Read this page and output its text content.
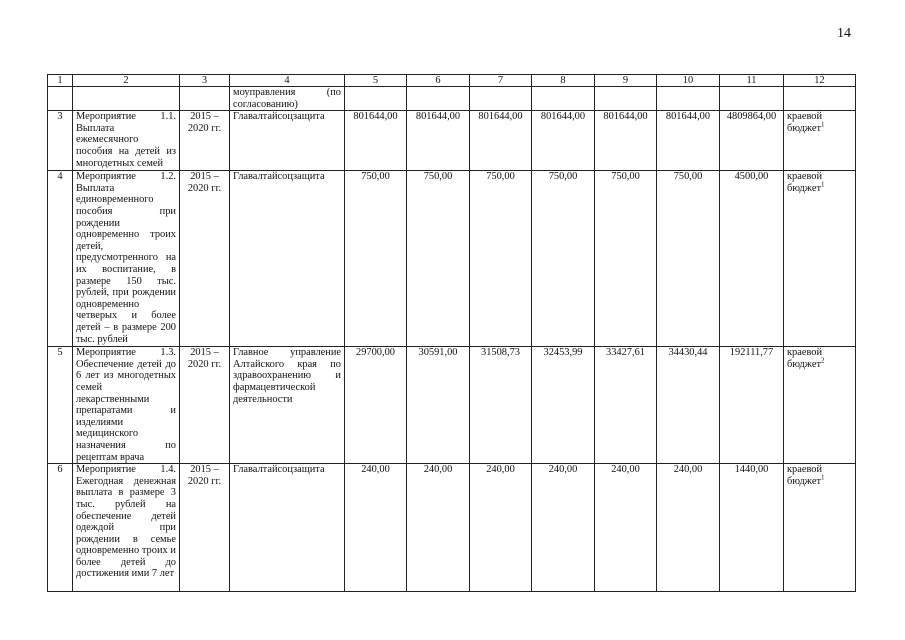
14
1	2	3	4	5	6	7	8	9	10	11	12
			моуправления (по согласованию)								
3	Мероприятие 1.1. Выплата ежемесячного пособия на детей из многодетных семей	2015 – 2020 гг.	Главалтайсоцзащита	801644,00	801644,00	801644,00	801644,00	801644,00	801644,00	4809864,00	краевой бюджет$^1$
4	Мероприятие 1.2. Выплата единовременного пособия при рождении одновременно троих детей, предусмотренного на их воспитание, в размере 150 тыс. рублей, при рождении одновременно четверых и более детей – в размере 200 тыс. рублей	2015 – 2020 гг.	Главалтайсоцзащита	750,00	750,00	750,00	750,00	750,00	750,00	4500,00	краевой бюджет$^1$
5	Мероприятие 1.3. Обеспечение детей до 6 лет из многодетных семей лекарственными препаратами и изделиями медицинского назначения по рецептам врача	2015 – 2020 гг.	Главное управление Алтайского края по здравоохранению и фармацевтической деятельности	29700,00	30591,00	31508,73	32453,99	33427,61	34430,44	192111,77	краевой бюджет$^2$
6	Мероприятие 1.4. Ежегодная денежная выплата в размере 3 тыс. рублей на обеспечение детей одеждой при рождении в семье одновременно троих и более детей до достижения ими 7 лет	2015 – 2020 гг.	Главалтайсоцзащита	240,00	240,00	240,00	240,00	240,00	240,00	1440,00	краевой бюджет$^1$
